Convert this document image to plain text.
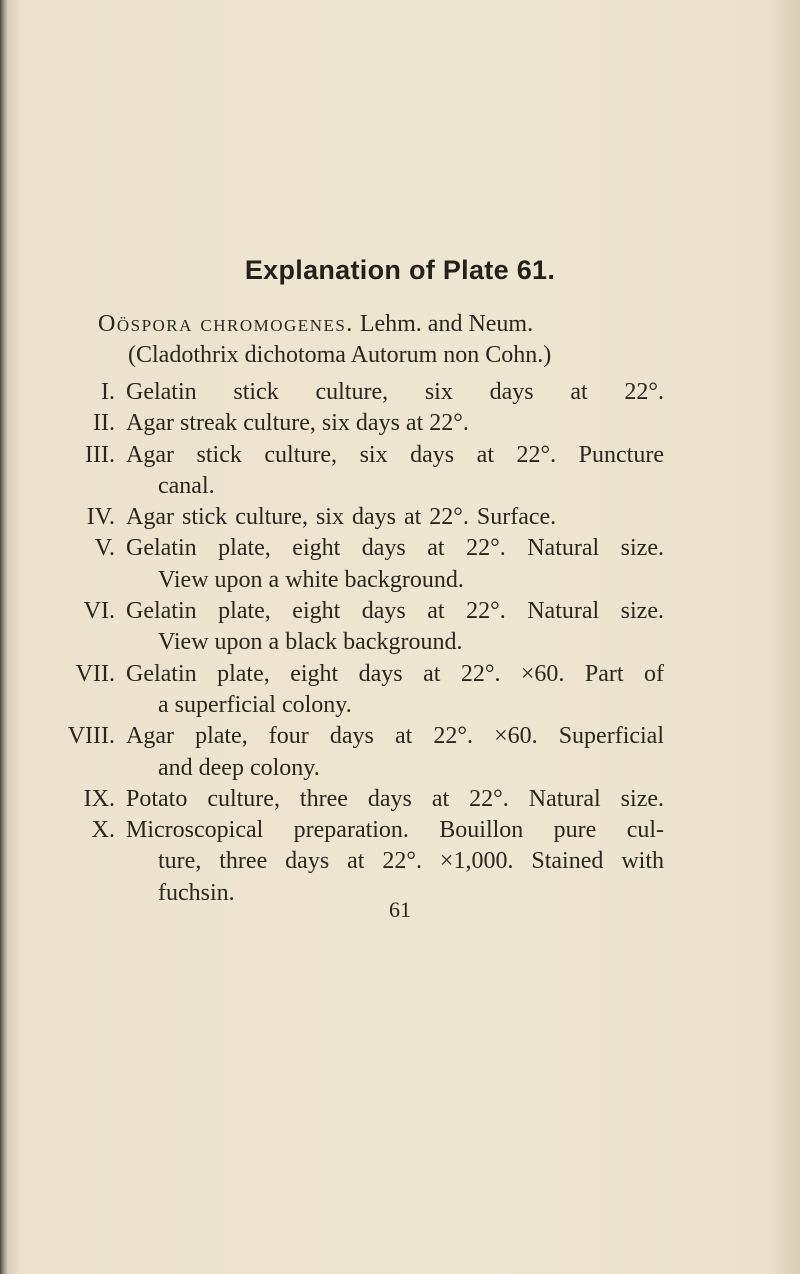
Explanation of Plate 61.
Oöspora chromogenes. Lehm. and Neum.
(Cladothrix dichotoma Autorum non Cohn.)
I. Gelatin stick culture, six days at 22°.
II. Agar streak culture, six days at 22°.
III. Agar stick culture, six days at 22°. Puncture
canal.
IV. Agar stick culture, six days at 22°. Surface.
V. Gelatin plate, eight days at 22°. Natural size.
View upon a white background.
VI. Gelatin plate, eight days at 22°. Natural size.
View upon a black background.
VII. Gelatin plate, eight days at 22°. ×60. Part of
a superficial colony.
VIII. Agar plate, four days at 22°. ×60. Superficial
and deep colony.
IX. Potato culture, three days at 22°. Natural size.
X. Microscopical preparation. Bouillon pure cul-
ture, three days at 22°. ×1,000. Stained with
fuchsin.
61
